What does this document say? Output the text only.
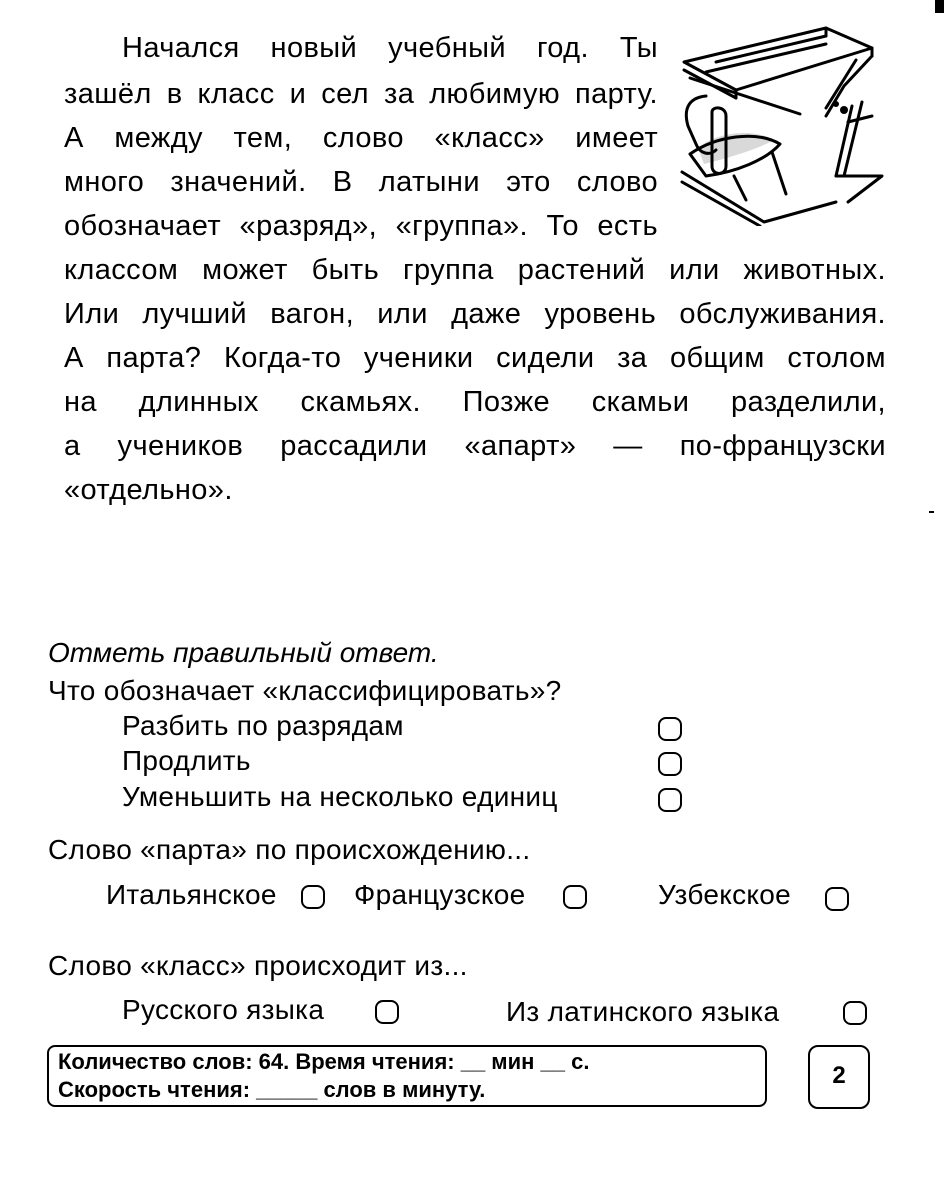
Начался новый учебный год. Ты
зашёл в класс и сел за любимую парту.
А между тем, слово «класс» имеет
много значений. В латыни это слово
обозначает «разряд», «группа». То есть
классом может быть группа растений или животных.
Или лучший вагон, или даже уровень обслуживания.
А парта? Когда-то ученики сидели за общим столом
на длинных скамьях. Позже скамьи разделили,
а учеников рассадили «апарт» — по-французски
«отдельно».
Отметь правильный ответ.
Что обозначает «классифицировать»?
Разбить по разрядам
Продлить
Уменьшить на несколько единиц
Слово «парта» по происхождению...
Итальянское	Французское	Узбекское
Слово «класс» происходит из...
Русского языка	Из латинского языка
Количество слов: 64. Время чтения: __ мин __ с.
Скорость чтения: _____ слов в минуту.
2
